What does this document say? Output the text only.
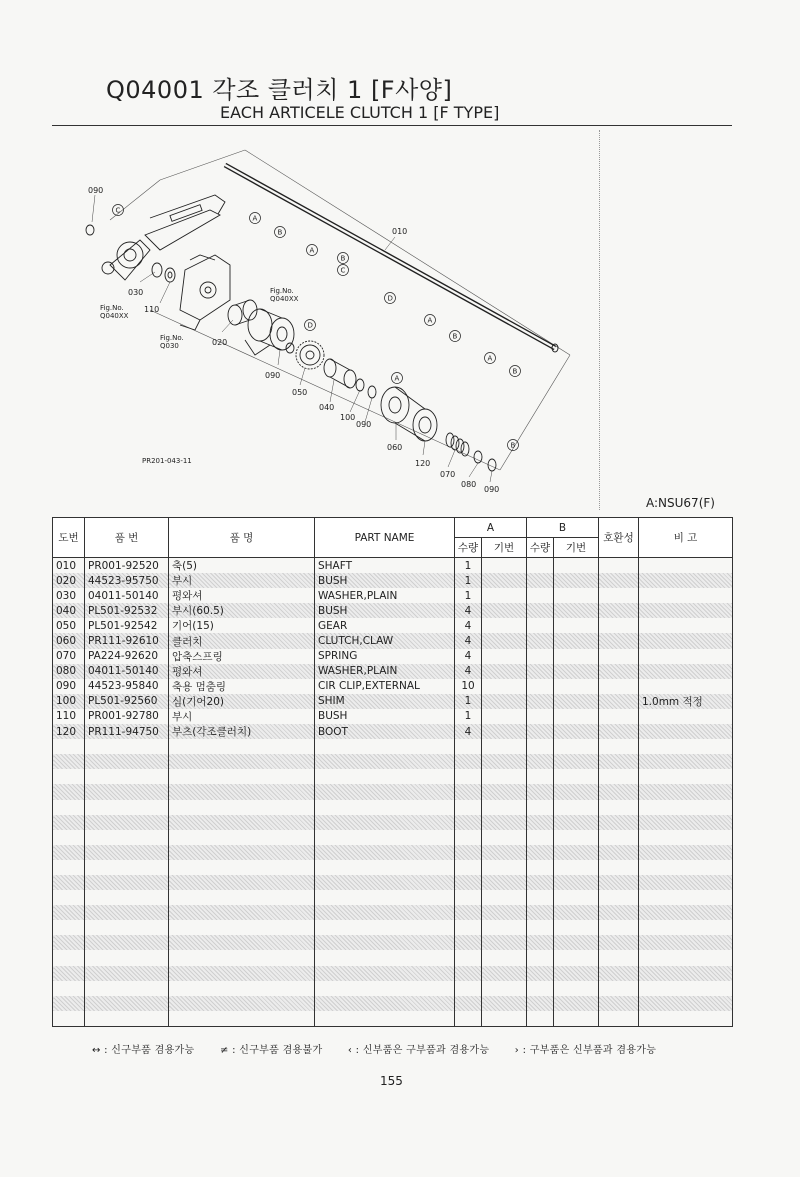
Q04001 각조 클러치 1 [F사양]
EACH ARTICELE CLUTCH 1 [F TYPE]
090
030
110
020
090
050
040
100
090
060
120
070
080
090
010
Fig.No. Q040XX
Fig.No. Q030
Fig.No. Q040XX
A
B
A
B
C
D
A
B
A
B
C
D
A
B
PR201-043-11
A:NSU67(F)
도번	품 번	품 명	PART NAME	A		B		호환성	비 고
				수량	기번	수량	기번		
010	PR001-92520	축(5)	SHAFT	1					
020	44523-95750	부시	BUSH	1					
030	04011-50140	평와셔	WASHER,PLAIN	1					
040	PL501-92532	부시(60.5)	BUSH	4					
050	PL501-92542	기어(15)	GEAR	4					
060	PR111-92610	클러치	CLUTCH,CLAW	4					
070	PA224-92620	압축스프링	SPRING	4					
080	04011-50140	평와셔	WASHER,PLAIN	4					
090	44523-95840	축용 멈춤링	CIR CLIP,EXTERNAL	10					
100	PL501-92560	심(기어20)	SHIM	1					1.0mm 적정
110	PR001-92780	부시	BUSH	1					
120	PR111-94750	부츠(각조클러치)	BOOT	4					

↔ : 신구부품 겸용가능	≠ : 신구부품 겸용불가	‹ : 신부품은 구부품과 겸용가능	› : 구부품은 신부품과 겸용가능
155
